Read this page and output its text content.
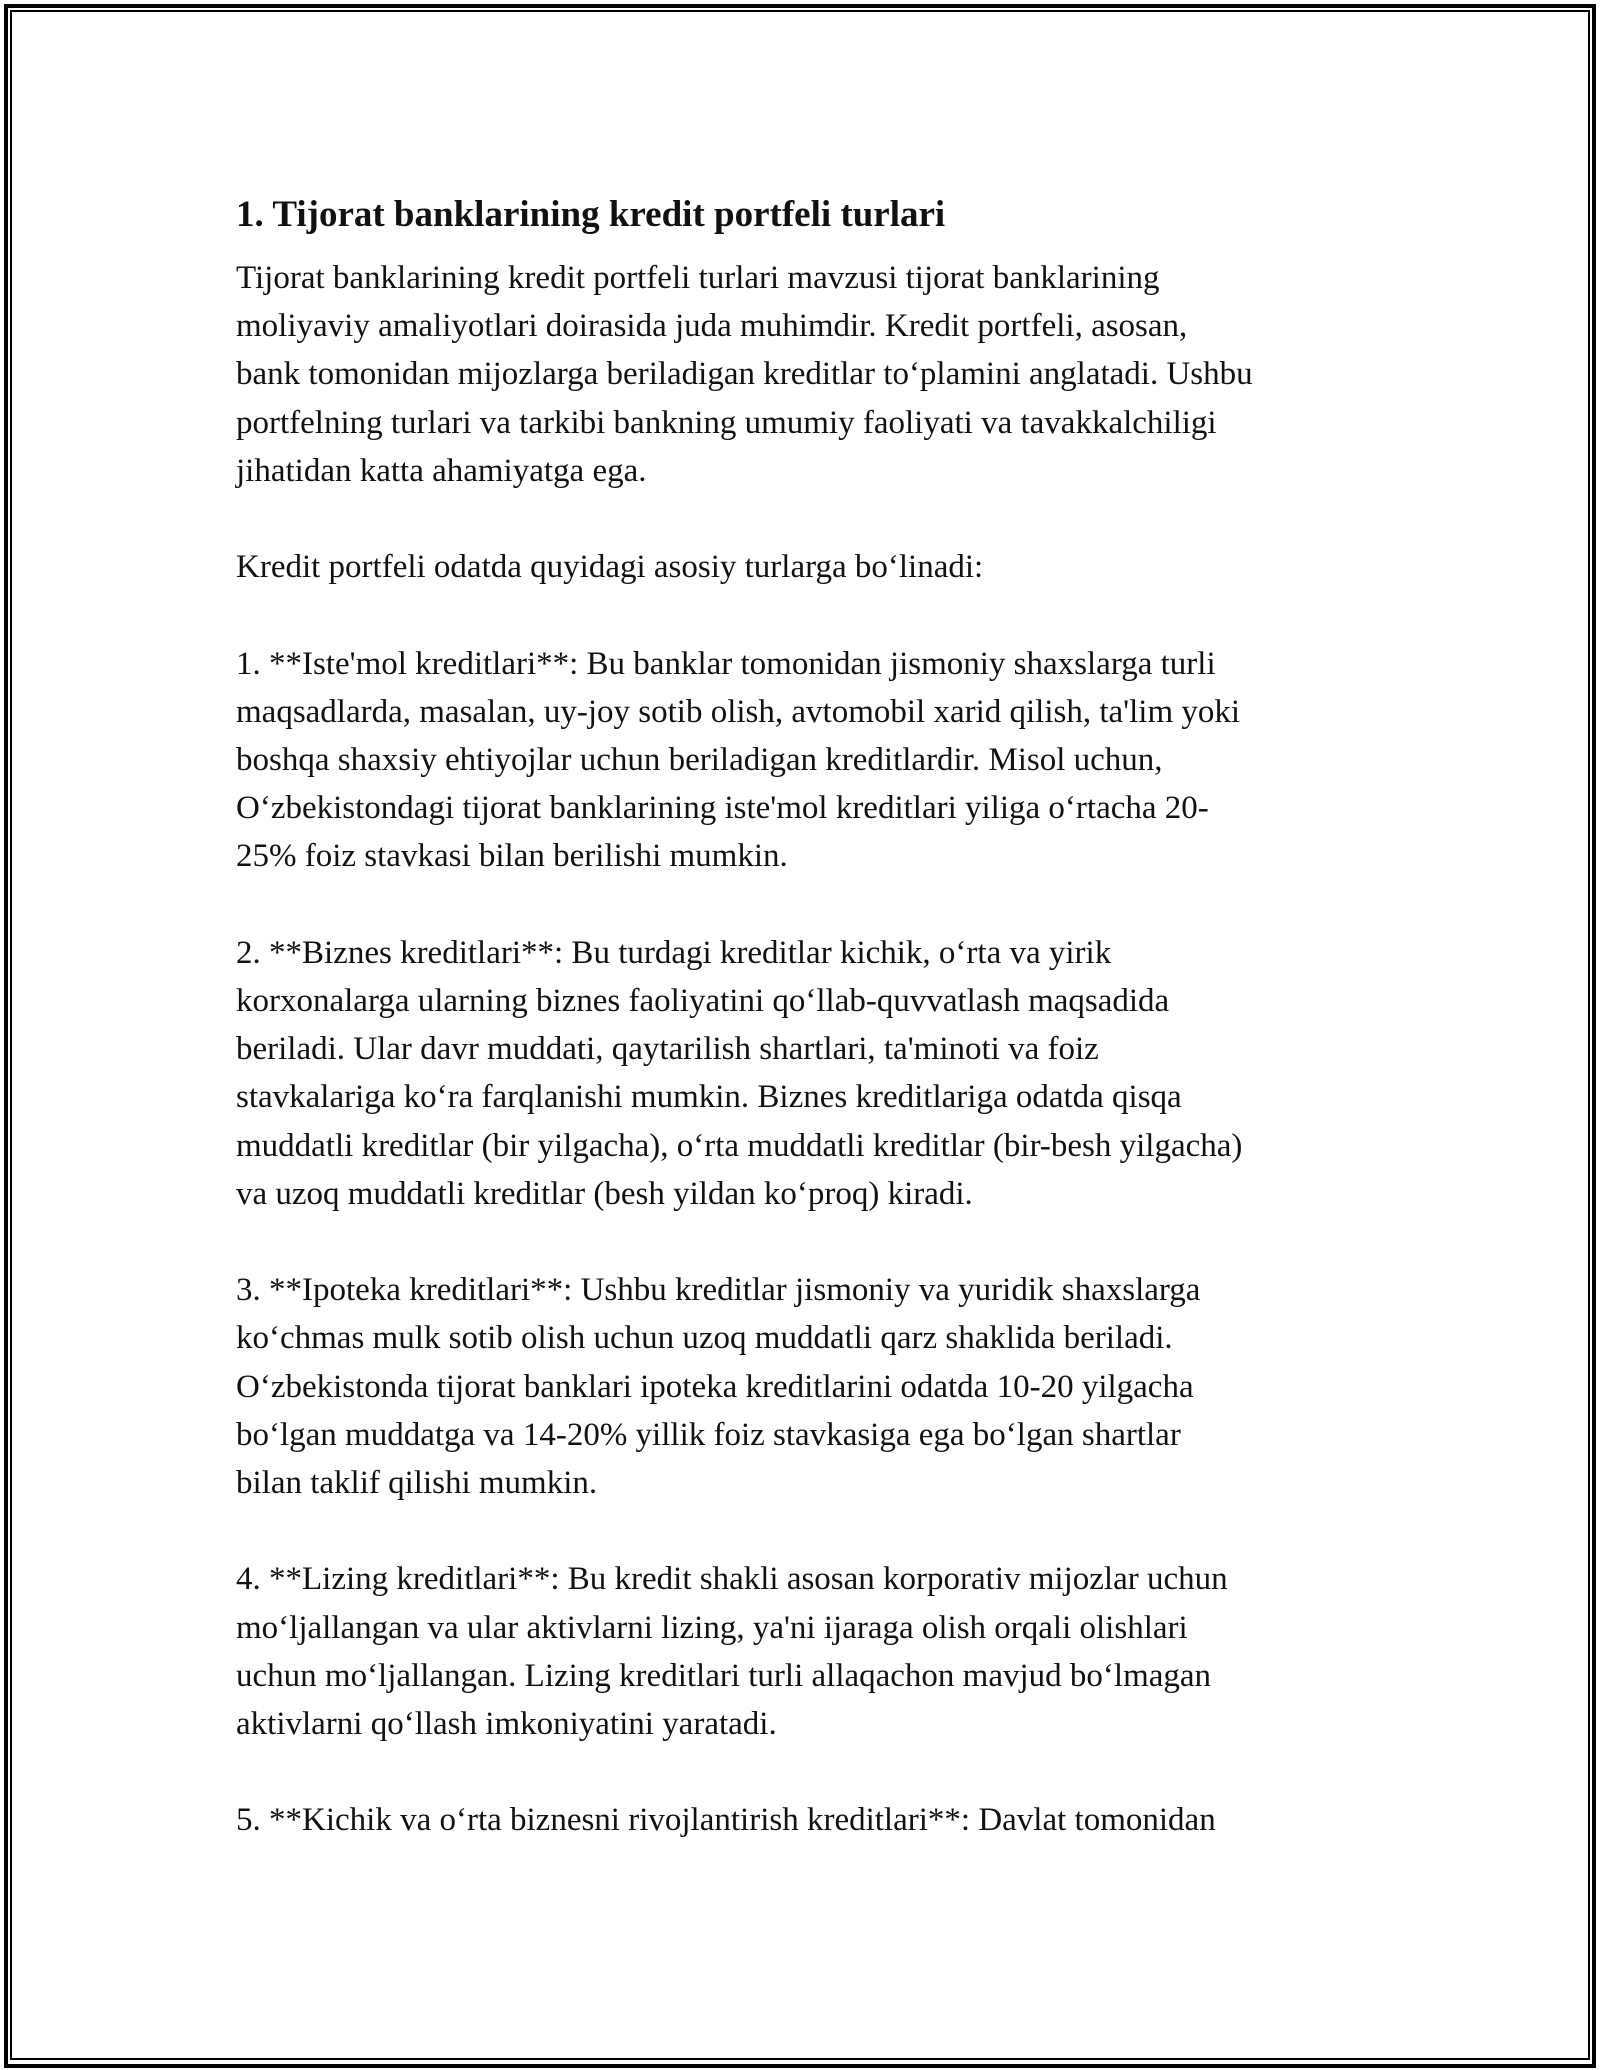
1. Tijorat banklarining kredit portfeli turlari
Tijorat banklarining kredit portfeli turlari mavzusi tijorat banklarining
moliyaviy amaliyotlari doirasida juda muhimdir. Kredit portfeli, asosan,
bank tomonidan mijozlarga beriladigan kreditlar to‘plamini anglatadi. Ushbu
portfelning turlari va tarkibi bankning umumiy faoliyati va tavakkalchiligi
jihatidan katta ahamiyatga ega.
Kredit portfeli odatda quyidagi asosiy turlarga bo‘linadi:
1. **Iste'mol kreditlari**: Bu banklar tomonidan jismoniy shaxslarga turli
maqsadlarda, masalan, uy-joy sotib olish, avtomobil xarid qilish, ta'lim yoki
boshqa shaxsiy ehtiyojlar uchun beriladigan kreditlardir. Misol uchun,
O‘zbekistondagi tijorat banklarining iste'mol kreditlari yiliga o‘rtacha 20-
25% foiz stavkasi bilan berilishi mumkin.
2. **Biznes kreditlari**: Bu turdagi kreditlar kichik, o‘rta va yirik
korxonalarga ularning biznes faoliyatini qo‘llab-quvvatlash maqsadida
beriladi. Ular davr muddati, qaytarilish shartlari, ta'minoti va foiz
stavkalariga ko‘ra farqlanishi mumkin. Biznes kreditlariga odatda qisqa
muddatli kreditlar (bir yilgacha), o‘rta muddatli kreditlar (bir-besh yilgacha)
va uzoq muddatli kreditlar (besh yildan ko‘proq) kiradi.
3. **Ipoteka kreditlari**: Ushbu kreditlar jismoniy va yuridik shaxslarga
ko‘chmas mulk sotib olish uchun uzoq muddatli qarz shaklida beriladi.
O‘zbekistonda tijorat banklari ipoteka kreditlarini odatda 10-20 yilgacha
bo‘lgan muddatga va 14-20% yillik foiz stavkasiga ega bo‘lgan shartlar
bilan taklif qilishi mumkin.
4. **Lizing kreditlari**: Bu kredit shakli asosan korporativ mijozlar uchun
mo‘ljallangan va ular aktivlarni lizing, ya'ni ijaraga olish orqali olishlari
uchun mo‘ljallangan. Lizing kreditlari turli allaqachon mavjud bo‘lmagan
aktivlarni qo‘llash imkoniyatini yaratadi.
5. **Kichik va o‘rta biznesni rivojlantirish kreditlari**: Davlat tomonidan
